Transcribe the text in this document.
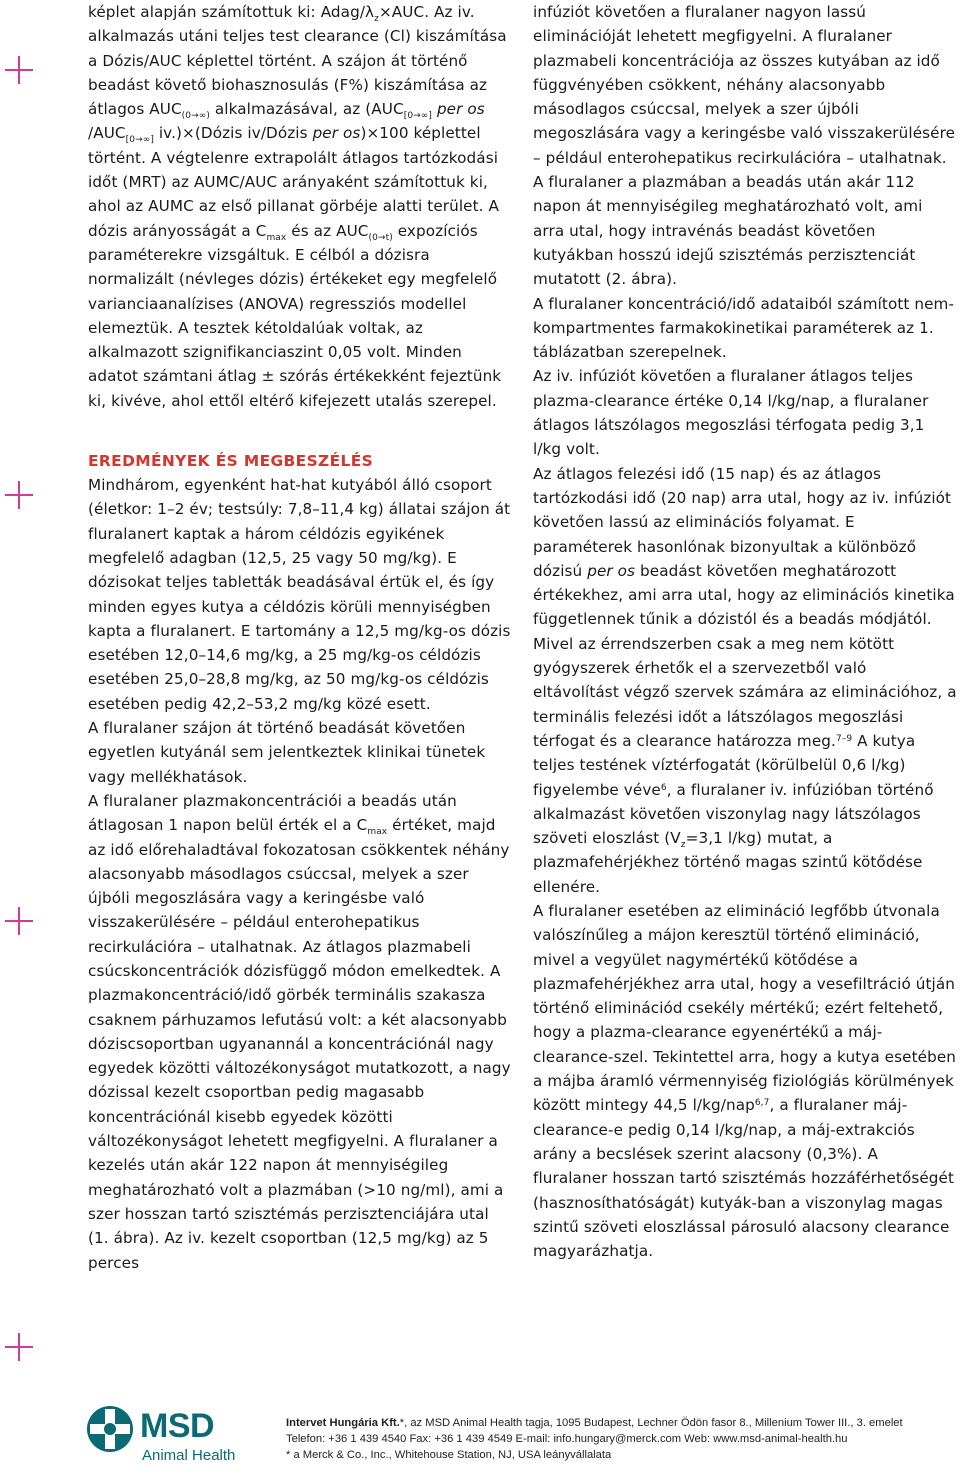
képlet alapján számítottuk ki: Adag/$\lambda_z\times AUC$. Az iv. alkalmazás utáni teljes test clearance (Cl) kiszámítása a Dózis/AUC képlettel történt. A szájon át történő beadást követő biohasznosulás (F%) kiszámítása az átlagos $AUC_{(0\to\infty)}$ alkalmazásával, az ($AUC_{[0\to\infty]}$ per os $/AUC_{[0\to\infty]}$ iv.)×(Dózis iv/Dózis per os)×100 képlettel történt. A végtelenre extrapolált átlagos tartózkodási időt (MRT) az AUMC/AUC arányaként számítottuk ki, ahol az AUMC az első pillanat görbéje alatti terület. A dózis arányosságát a $C_{max}$ és az $AUC_{(0\to t)}$ expozíciós paraméterekre vizsgáltuk. E célból a dózisra normalizált (névleges dózis) értékeket egy megfelelő varianciaanalízises (ANOVA) regressziós modellel elemeztük. A tesztek kétoldalúak voltak, az alkalmazott szignifikanciaszint 0,05 volt. Minden adatot számtani átlag ± szórás értékekként fejeztünk ki, kivéve, ahol ettől eltérő kifejezett utalás szerepel.

EREDMÉNYEK ÉS MEGBESZÉLÉS

Mindhárom, egyenként hat-hat kutyából álló csoport (életkor: 1–2 év; testsúly: 7,8–11,4 kg) állatai szájon át fluralanert kaptak a három céldózis egyikének megfelelő adagban (12,5, 25 vagy 50 mg/kg). E dózisokat teljes tabletták beadásával értük el, és így minden egyes kutya a céldózis körüli mennyiségben kapta a fluralanert. E tartomány a 12,5 mg/kg-os dózis esetében 12,0–14,6 mg/kg, a 25 mg/kg-os céldózis esetében 25,0–28,8 mg/kg, az 50 mg/kg-os céldózis esetében pedig 42,2–53,2 mg/kg közé esett.

A fluralaner szájon át történő beadását követően egyetlen kutyánál sem jelentkeztek klinikai tünetek vagy mellékhatások.

A fluralaner plazmakoncentrációi a beadás után átlagosan 1 napon belül érték el a $C_{max}$ értéket, majd az idő előrehaladtával fokozatosan csökkentek néhány alacsonyabb másodlagos csúccsal, melyek a szer újbóli megoszlására vagy a keringésbe való visszakerülésére – például enterohepatikus recirkulációra – utalhatnak. Az átlagos plazmabeli csúcskoncentrációk dózisfüggő módon emelkedtek. A plazmakoncentráció/idő görbék terminális szakasza csaknem párhuzamos lefutású volt: a két alacsonyabb dóziscsoportban ugyanannál a koncentrációnál nagy egyedek közötti változékonyságot mutatkozott, a nagy dózissal kezelt csoportban pedig magasabb koncentrációnál kisebb egyedek közötti változékonyságot lehetett megfigyelni. A fluralaner a kezelés után akár 122 napon át mennyiségileg meghatározható volt a plazmában (>10 ng/ml), ami a szer hosszan tartó szisztémás perzisztenciájára utal (1. ábra). Az iv. kezelt csoportban (12,5 mg/kg) az 5 perces

infúziót követően a fluralaner nagyon lassú eliminációját lehetett megfigyelni. A fluralaner plazmabeli koncentrációja az összes kutyában az idő függvényében csökkent, néhány alacsonyabb másodlagos csúccsal, melyek a szer újbóli megoszlására vagy a keringésbe való visszakerülésére – például enterohepatikus recirkulációra – utalhatnak.

A fluralaner a plazmában a beadás után akár 112 napon át mennyiségileg meghatározható volt, ami arra utal, hogy intravénás beadást követően kutyákban hosszú idejű szisztémás perzisztenciát mutatott (2. ábra).

A fluralaner koncentráció/idő adataiból számított nem-kompartmentes farmakokinetikai paraméterek az 1. táblázatban szerepelnek.

Az iv. infúziót követően a fluralaner átlagos teljes plazma-clearance értéke 0,14 l/kg/nap, a fluralaner átlagos látszólagos megoszlási térfogata pedig 3,1 l/kg volt.

Az átlagos felezési idő (15 nap) és az átlagos tartózkodási idő (20 nap) arra utal, hogy az iv. infúziót követően lassú az eliminációs folyamat. E paraméterek hasonlónak bizonyultak a különböző dózisú per os beadást követően meghatározott értékekhez, ami arra utal, hogy az eliminációs kinetika függetlennek tűnik a dózistól és a beadás módjától.

Mivel az érrendszerben csak a meg nem kötött gyógyszerek érhetők el a szervezetből való eltávolítást végző szervek számára az eliminációhoz, a terminális felezési időt a látszólagos megoszlási térfogat és a clearance határozza meg.$^{7-9}$ A kutya teljes testének víztérfogatát (körülbelül 0,6 l/kg) figyelembe véve$^6$, a fluralaner iv. infúzióban történő alkalmazást követően viszonylag nagy látszólagos szöveti eloszlást ($V_z=3,1$ l/kg) mutat, a plazmafehérjékhez történő magas szintű kötődése ellenére.

A fluralaner esetében az elimináció legfőbb útvonala valószínűleg a májon keresztül történő elimináció, mivel a vegyület nagymértékű kötődése a plazmafehérjékhez arra utal, hogy a vesefiltráció útján történő eliminációd csekély mértékű; ezért feltehető, hogy a plazma-clearance egyenértékű a máj-clearance-szel. Tekintettel arra, hogy a kutya esetében a májba áramló vérmennyiség fiziológiás körülmények között mintegy 44,5 l/kg/nap$^{6,7}$, a fluralaner máj-clearance-e pedig 0,14 l/kg/nap, a máj-extrakciós arány a becslések szerint alacsony (0,3%). A fluralaner hosszan tartó szisztémás hozzáférhetőségét (hasznosíthatóságát) kutyák-ban a viszonylag magas szintű szöveti eloszlással párosuló alacsony clearance magyarázhatja.

MSD
Animal Health
Intervet Hungária Kft.*, az MSD Animal Health tagja, 1095 Budapest, Lechner Ödön fasor 8., Millenium Tower III., 3. emelet
Telefon: +36 1 439 4540 Fax: +36 1 439 4549 E-mail: info.hungary@merck.com Web: www.msd-animal-health.hu
* a Merck & Co., Inc., Whitehouse Station, NJ, USA leányvállalata
